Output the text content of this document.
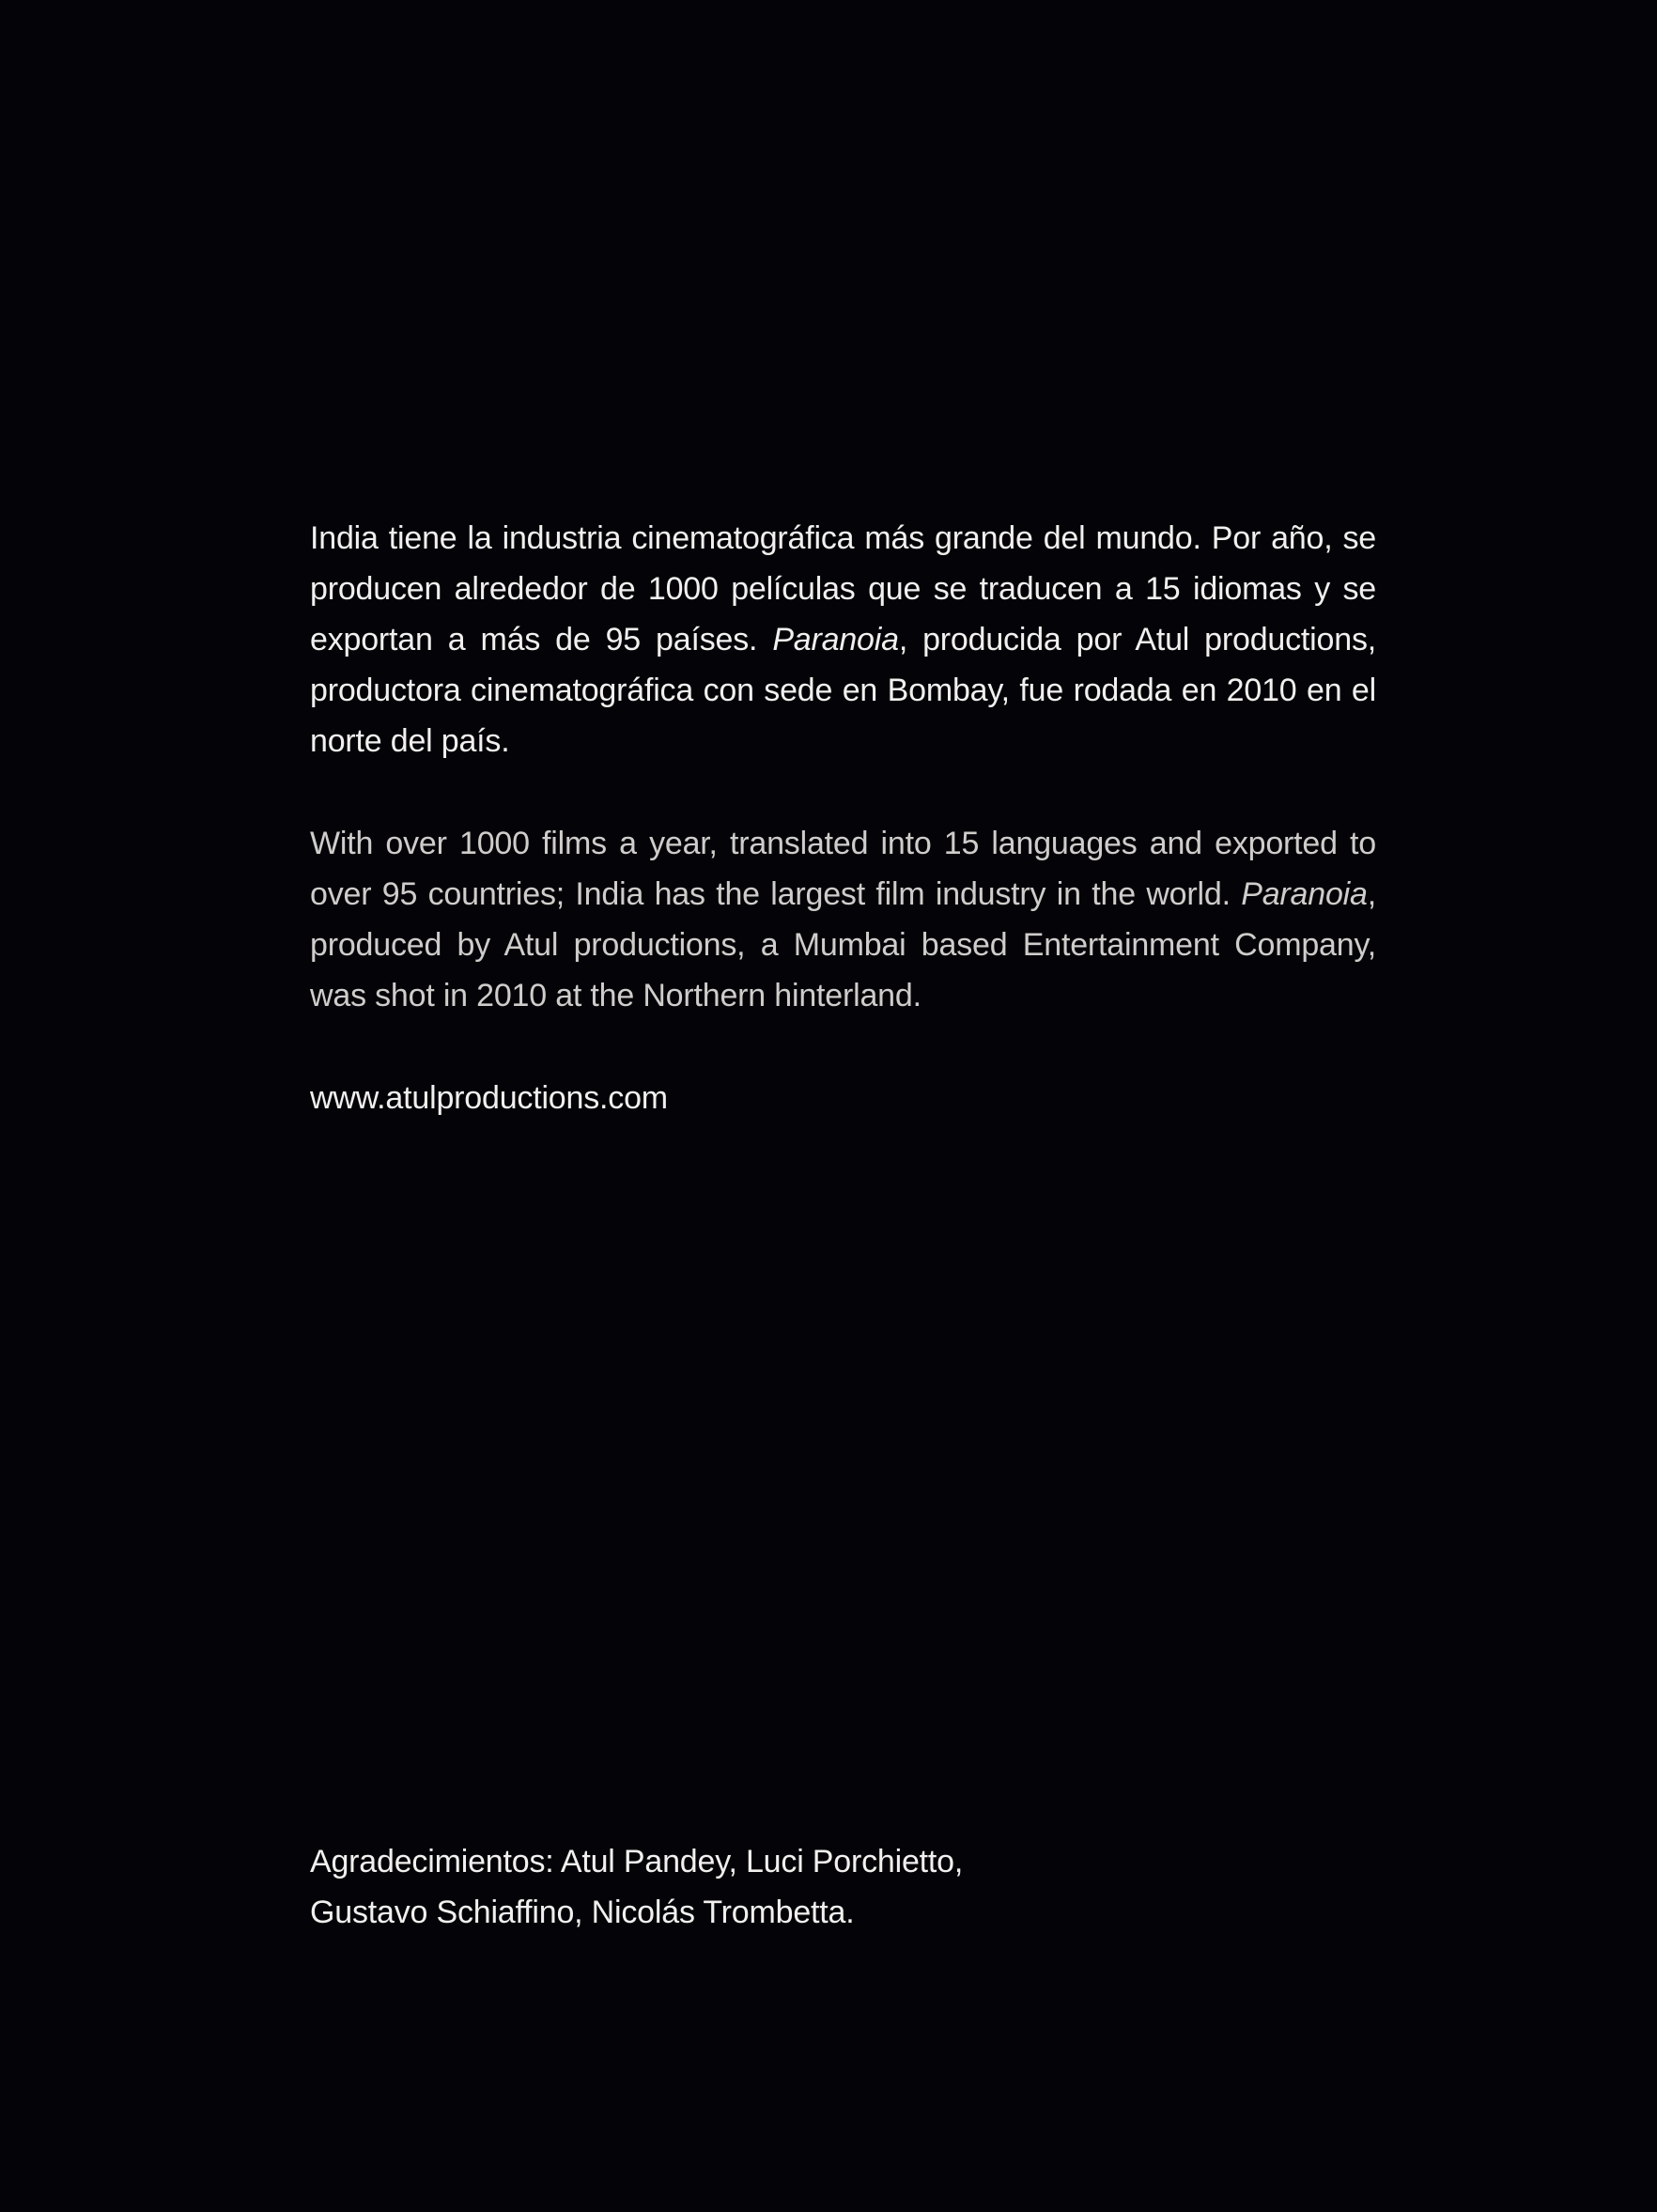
India tiene la industria cinematográfica más grande del mundo. Por año, se producen alrededor de 1000 películas que se traducen a 15 idiomas y se exportan a más de 95 países. Paranoia, producida por Atul productions, productora cinematográfica con sede en Bombay, fue rodada en 2010 en el norte del país.

With over 1000 films a year, translated into 15 languages and exported to over 95 countries; India has the largest film industry in the world. Paranoia, produced by Atul productions, a Mumbai based Entertainment Company, was shot in 2010 at the Northern hinterland.

www.atulproductions.com
Agradecimientos: Atul Pandey, Luci Porchietto,
Gustavo Schiaffino, Nicolás Trombetta.
